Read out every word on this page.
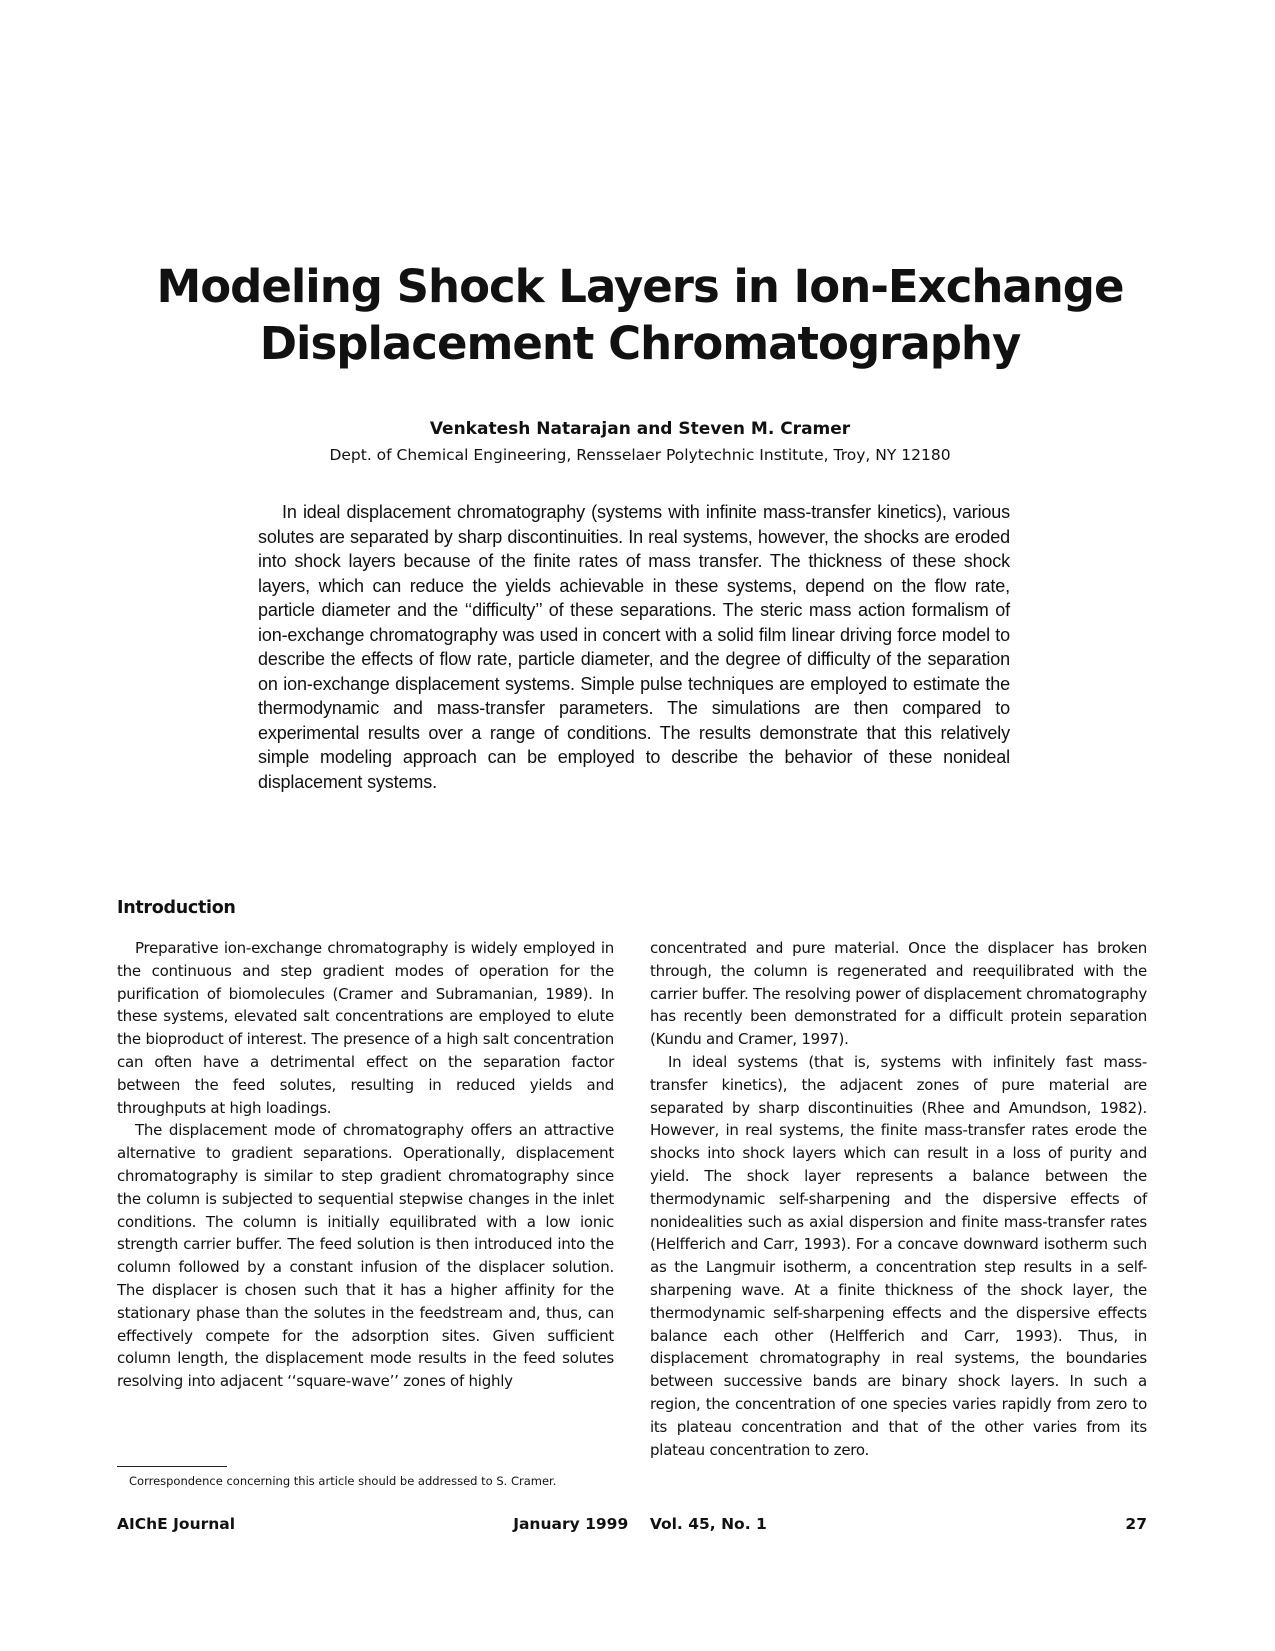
Modeling Shock Layers in Ion-Exchange
Displacement Chromatography
Venkatesh Natarajan and Steven M. Cramer
Dept. of Chemical Engineering, Rensselaer Polytechnic Institute, Troy, NY 12180

In ideal displacement chromatography (systems with infinite mass-transfer kinetics), various solutes are separated by sharp discontinuities. In real systems, however, the shocks are eroded into shock layers because of the finite rates of mass transfer. The thickness of these shock layers, which can reduce the yields achievable in these systems, depend on the flow rate, particle diameter and the ‘‘difficulty’’ of these separations. The steric mass action formalism of ion-exchange chromatography was used in concert with a solid film linear driving force model to describe the effects of flow rate, particle diameter, and the degree of difficulty of the separation on ion-exchange displacement systems. Simple pulse techniques are employed to estimate the thermodynamic and mass-transfer parameters. The simulations are then compared to experimental results over a range of conditions. The results demonstrate that this relatively simple modeling approach can be employed to describe the behavior of these nonideal displacement systems.

Introduction

Preparative ion-exchange chromatography is widely employed in the continuous and step gradient modes of operation for the purification of biomolecules (Cramer and Subramanian, 1989). In these systems, elevated salt concentrations are employed to elute the bioproduct of interest. The presence of a high salt concentration can often have a detrimental effect on the separation factor between the feed solutes, resulting in reduced yields and throughputs at high loadings.

The displacement mode of chromatography offers an attractive alternative to gradient separations. Operationally, displacement chromatography is similar to step gradient chromatography since the column is subjected to sequential stepwise changes in the inlet conditions. The column is initially equilibrated with a low ionic strength carrier buffer. The feed solution is then introduced into the column followed by a constant infusion of the displacer solution. The displacer is chosen such that it has a higher affinity for the stationary phase than the solutes in the feedstream and, thus, can effectively compete for the adsorption sites. Given sufficient column length, the displacement mode results in the feed solutes resolving into adjacent ‘‘square-wave’’ zones of highly

concentrated and pure material. Once the displacer has broken through, the column is regenerated and reequilibrated with the carrier buffer. The resolving power of displacement chromatography has recently been demonstrated for a difficult protein separation (Kundu and Cramer, 1997).

In ideal systems (that is, systems with infinitely fast mass-transfer kinetics), the adjacent zones of pure material are separated by sharp discontinuities (Rhee and Amundson, 1982). However, in real systems, the finite mass-transfer rates erode the shocks into shock layers which can result in a loss of purity and yield. The shock layer represents a balance between the thermodynamic self-sharpening and the dispersive effects of nonidealities such as axial dispersion and finite mass-transfer rates (Helfferich and Carr, 1993). For a concave downward isotherm such as the Langmuir isotherm, a concentration step results in a self-sharpening wave. At a finite thickness of the shock layer, the thermodynamic self-sharpening effects and the dispersive effects balance each other (Helfferich and Carr, 1993). Thus, in displacement chromatography in real systems, the boundaries between successive bands are binary shock layers. In such a region, the concentration of one species varies rapidly from zero to its plateau concentration and that of the other varies from its plateau concentration to zero.

Correspondence concerning this article should be addressed to S. Cramer.

AIChE Journal	January 1999    Vol. 45, No. 1	27
